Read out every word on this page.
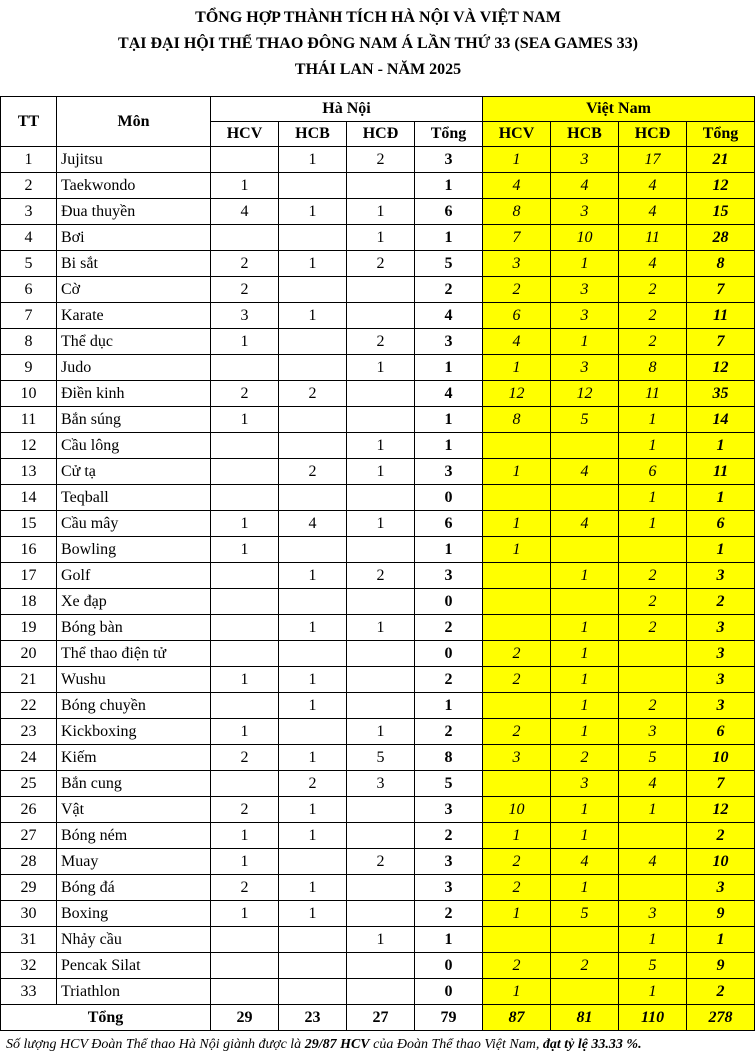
TỔNG HỢP THÀNH TÍCH HÀ NỘI VÀ VIỆT NAM
TẠI ĐẠI HỘI THỂ THAO ĐÔNG NAM Á LẦN THỨ 33 (SEA GAMES 33)
THÁI LAN - NĂM 2025
TT	Môn	Hà Nội				Việt Nam			
		HCV	HCB	HCĐ	Tổng	HCV	HCB	HCĐ	Tổng
1	Jujitsu		1	2	3	1	3	17	21
2	Taekwondo	1			1	4	4	4	12
3	Đua thuyền	4	1	1	6	8	3	4	15
4	Bơi			1	1	7	10	11	28
5	Bi sắt	2	1	2	5	3	1	4	8
6	Cờ	2			2	2	3	2	7
7	Karate	3	1		4	6	3	2	11
8	Thể dục	1		2	3	4	1	2	7
9	Judo			1	1	1	3	8	12
10	Điền kinh	2	2		4	12	12	11	35
11	Bắn súng	1			1	8	5	1	14
12	Cầu lông			1	1			1	1
13	Cử tạ		2	1	3	1	4	6	11
14	Teqball				0			1	1
15	Cầu mây	1	4	1	6	1	4	1	6
16	Bowling	1			1	1			1
17	Golf		1	2	3		1	2	3
18	Xe đạp				0			2	2
19	Bóng bàn		1	1	2		1	2	3
20	Thể thao điện tử				0	2	1		3
21	Wushu	1	1		2	2	1		3
22	Bóng chuyền		1		1		1	2	3
23	Kickboxing	1		1	2	2	1	3	6
24	Kiếm	2	1	5	8	3	2	5	10
25	Bắn cung		2	3	5		3	4	7
26	Vật	2	1		3	10	1	1	12
27	Bóng ném	1	1		2	1	1		2
28	Muay	1		2	3	2	4	4	10
29	Bóng đá	2	1		3	2	1		3
30	Boxing	1	1		2	1	5	3	9
31	Nhảy cầu			1	1			1	1
32	Pencak Silat				0	2	2	5	9
33	Triathlon				0	1		1	2
Tổng		29	23	27	79	87	81	110	278
Số lượng HCV Đoàn Thể thao Hà Nội giành được là 29/87 HCV của Đoàn Thể thao Việt Nam, đạt tỷ lệ 33.33 %.
